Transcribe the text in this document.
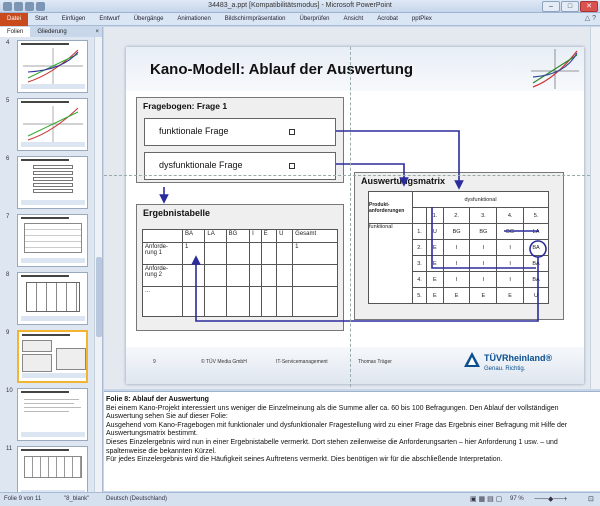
34483_a.ppt [Kompatibilitätsmodus] - Microsoft PowerPoint	–	□	✕
Datei	Start	Einfügen	Entwurf	Übergänge	Animationen	Bildschirmpräsentation	Überprüfen	Ansicht	Acrobat	pptPlex	△ ?
Folien	Gliederung	×
4
5
6
7
8
9
10
11
Kano-Modell: Ablauf der Auswertung
Fragebogen: Frage 1
funktionale Frage
dysfunktionale Frage
Ergebnistabelle
	BA	LA	BG	I	E	U	Gesamt
Anforde-rung 1	1						1
Anforde-rung 2							
...							
Auswertungsmatrix
Produkt-anforderungen	dysfunktional					
		1.	2.	3.	4.	5.
funktional	1.	U	BG	BG	BG	LA
	2.	E	I	I	I	BA
	3.	E	I	I	I	BA
	4.	E	I	I	I	BA
	5.	E	E	E	E	U
9	© TÜV Media GmbH	IT-Servicemanagement	Thomas Träger	TÜVRheinland®
Genau. Richtig.
Folie 8: Ablauf der Auswertung
Bei einem Kano-Projekt interessiert uns weniger die Einzelmeinung als die Summe aller ca. 60 bis 100 Befragungen. Den Ablauf der vollständigen Auswertung sehen Sie auf dieser Folie:
Ausgehend vom Kano-Fragebogen mit funktionaler und dysfunktionaler Fragestellung wird zu einer Frage das Ergebnis einer Befragung mit Hilfe der Auswertungsmatrix bestimmt.
Dieses Einzelergebnis wird nun in einer Ergebnistabelle vermerkt. Dort stehen zeilenweise die Anforderungsarten – hier Anforderung 1 usw. – und spaltenweise die bekannten Kürzel.
Für jedes Einzelergebnis wird die Häufigkeit seines Auftretens vermerkt. Dies benötigen wir für die abschließende Interpretation.
Folie 9 von 11	"8_blank"	Deutsch (Deutschland)	▣ ▦ ▤ ▢ 97 % −──◆──+	⊡
